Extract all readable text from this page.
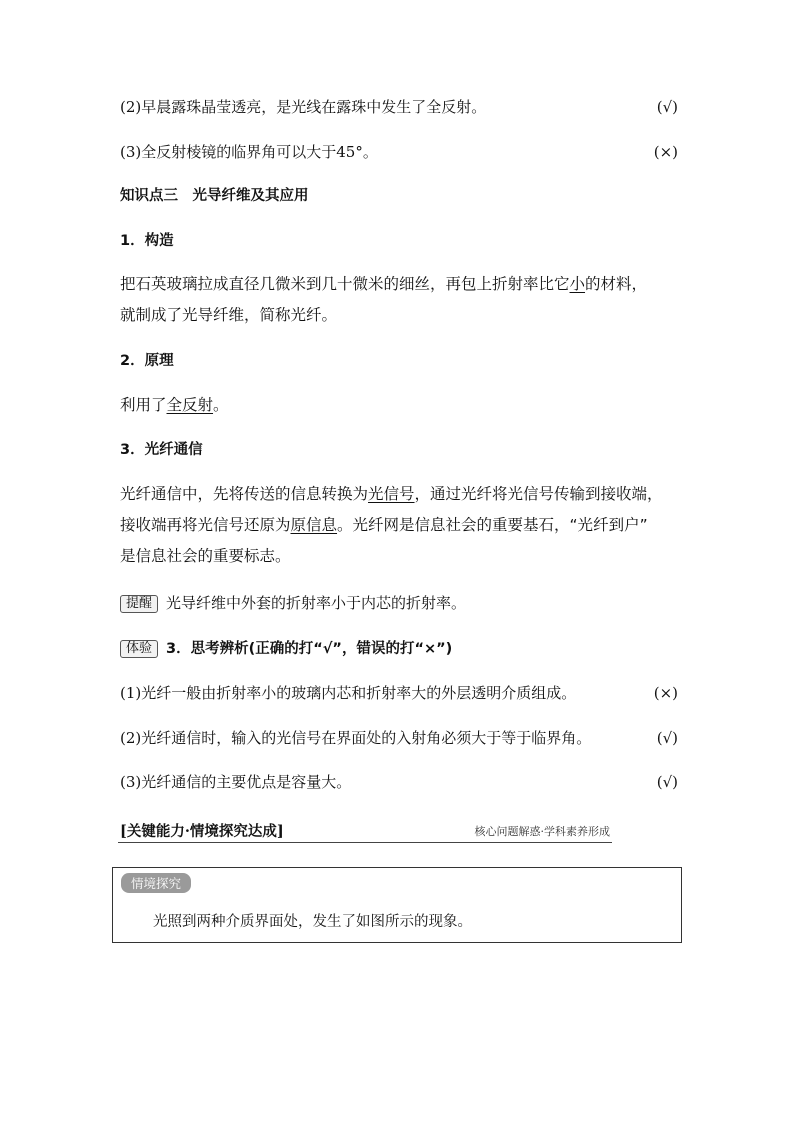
(2)早晨露珠晶莹透亮，是光线在露珠中发生了全反射。	(√)
(3)全反射棱镜的临界角可以大于45°。	(×)
知识点三　光导纤维及其应用
1．构造
把石英玻璃拉成直径几微米到几十微米的细丝，再包上折射率比它小的材料，
就制成了光导纤维，简称光纤。
2．原理
利用了全反射。
3．光纤通信
光纤通信中，先将传送的信息转换为光信号，通过光纤将光信号传输到接收端，
接收端再将光信号还原为原信息。光纤网是信息社会的重要基石，“光纤到户”
是信息社会的重要标志。
提醒 光导纤维中外套的折射率小于内芯的折射率。
体验 3．思考辨析(正确的打“√”，错误的打“×”)
(1)光纤一般由折射率小的玻璃内芯和折射率大的外层透明介质组成。	(×)
(2)光纤通信时，输入的光信号在界面处的入射角必须大于等于临界角。	(√)
(3)光纤通信的主要优点是容量大。	(√)
[关键能力·情境探究达成]	核心问题解惑·学科素养形成
情境探究
光照到两种介质界面处，发生了如图所示的现象。
